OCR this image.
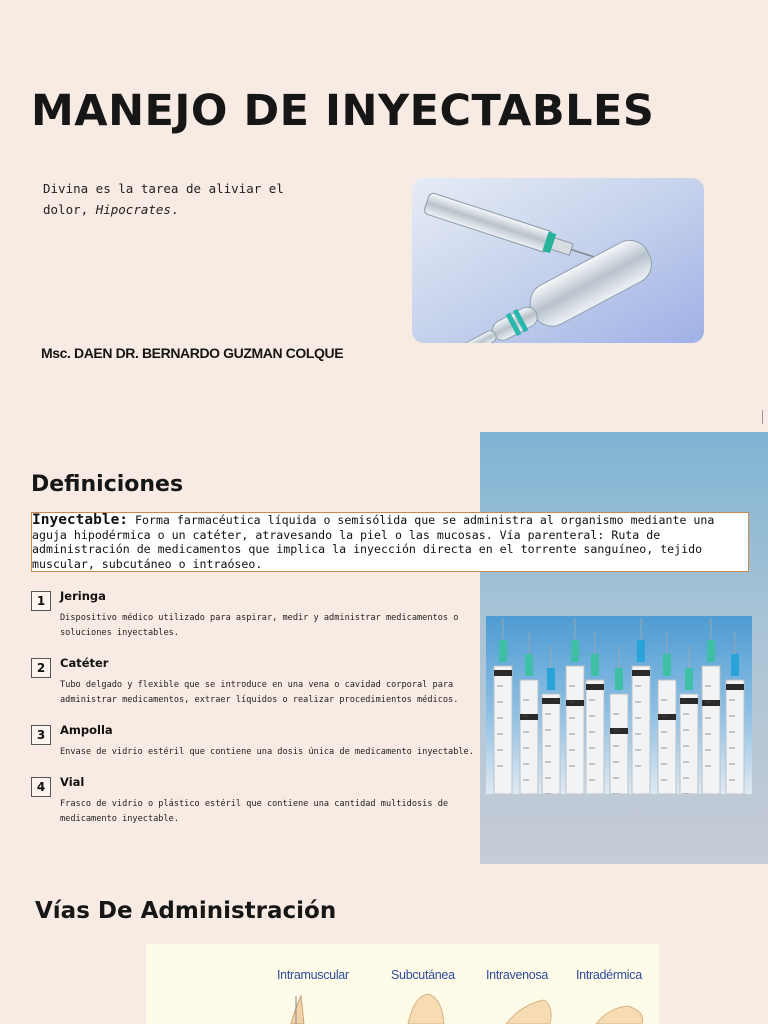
MANEJO DE INYECTABLES
Divina es la tarea de aliviar el dolor, Hipocrates.
Msc. DAEN DR. BERNARDO GUZMAN COLQUE
Definiciones
Inyectable: Forma farmacéutica líquida o semisólida que se administra al organismo mediante una aguja hipodérmica o un catéter, atravesando la piel o las mucosas. Vía parenteral: Ruta de administración de medicamentos que implica la inyección directa en el torrente sanguíneo, tejido muscular, subcutáneo o intraóseo.
1	Jeringa
Dispositivo médico utilizado para aspirar, medir y administrar medicamentos o soluciones inyectables.
2	Catéter
Tubo delgado y flexible que se introduce en una vena o cavidad corporal para administrar medicamentos, extraer líquidos o realizar procedimientos médicos.
3	Ampolla
Envase de vidrio estéril que contiene una dosis única de medicamento inyectable.
4	Vial
Frasco de vidrio o plástico estéril que contiene una cantidad multidosis de medicamento inyectable.
Vías De Administración
Intramuscular	Subcutánea	Intravenosa Intradérmica
